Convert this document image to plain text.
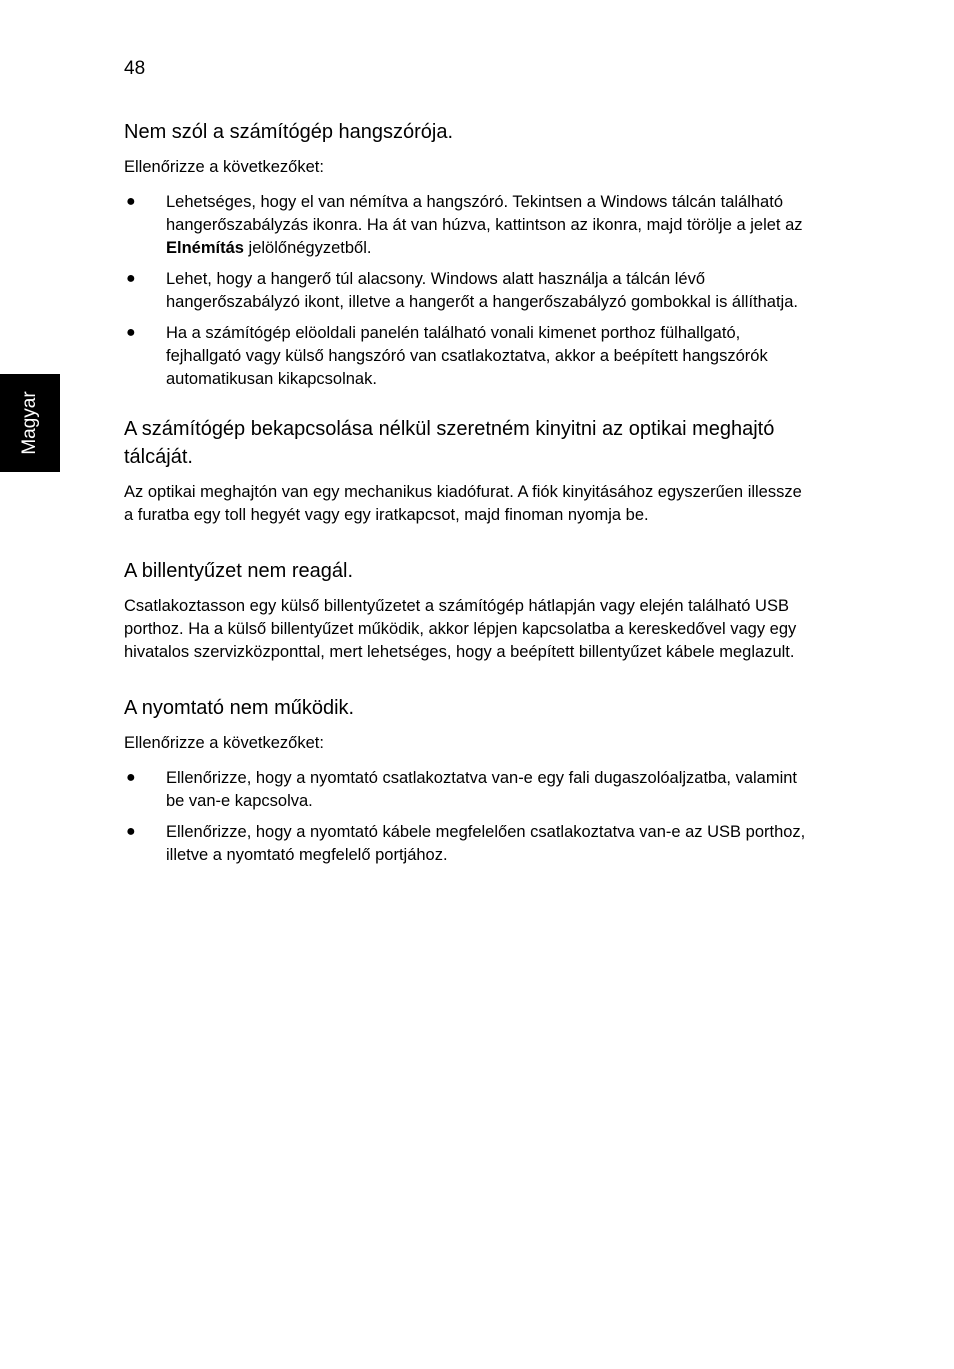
48
Magyar
Nem szól a számítógép hangszórója.

Ellenőrizze a következőket:

● Lehetséges, hogy el van némítva a hangszóró. Tekintsen a Windows tálcán található hangerőszabályzás ikonra. Ha át van húzva, kattintson az ikonra, majd törölje a jelet az Elnémítás jelölőnégyzetből.
● Lehet, hogy a hangerő túl alacsony. Windows alatt használja a tálcán lévő hangerőszabályzó ikont, illetve a hangerőt a hangerőszabályzó gombokkal is állíthatja.
● Ha a számítógép elöoldali panelén található vonali kimenet porthoz fülhallgató, fejhallgató vagy külső hangszóró van csatlakoztatva, akkor a beépített hangszórók automatikusan kikapcsolnak.
A számítógép bekapcsolása nélkül szeretném kinyitni az optikai meghajtó tálcáját.

Az optikai meghajtón van egy mechanikus kiadófurat. A fiók kinyitásához egyszerűen illessze a furatba egy toll hegyét vagy egy iratkapcsot, majd finoman nyomja be.

A billentyűzet nem reagál.

Csatlakoztasson egy külső billentyűzetet a számítógép hátlapján vagy elején található USB porthoz. Ha a külső billentyűzet működik, akkor lépjen kapcsolatba a kereskedővel vagy egy hivatalos szervizközponttal, mert lehetséges, hogy a beépített billentyűzet kábele meglazult.

A nyomtató nem működik.

Ellenőrizze a következőket:

● Ellenőrizze, hogy a nyomtató csatlakoztatva van-e egy fali dugaszolóaljzatba, valamint be van-e kapcsolva.
● Ellenőrizze, hogy a nyomtató kábele megfelelően csatlakoztatva van-e az USB porthoz, illetve a nyomtató megfelelő portjához.
